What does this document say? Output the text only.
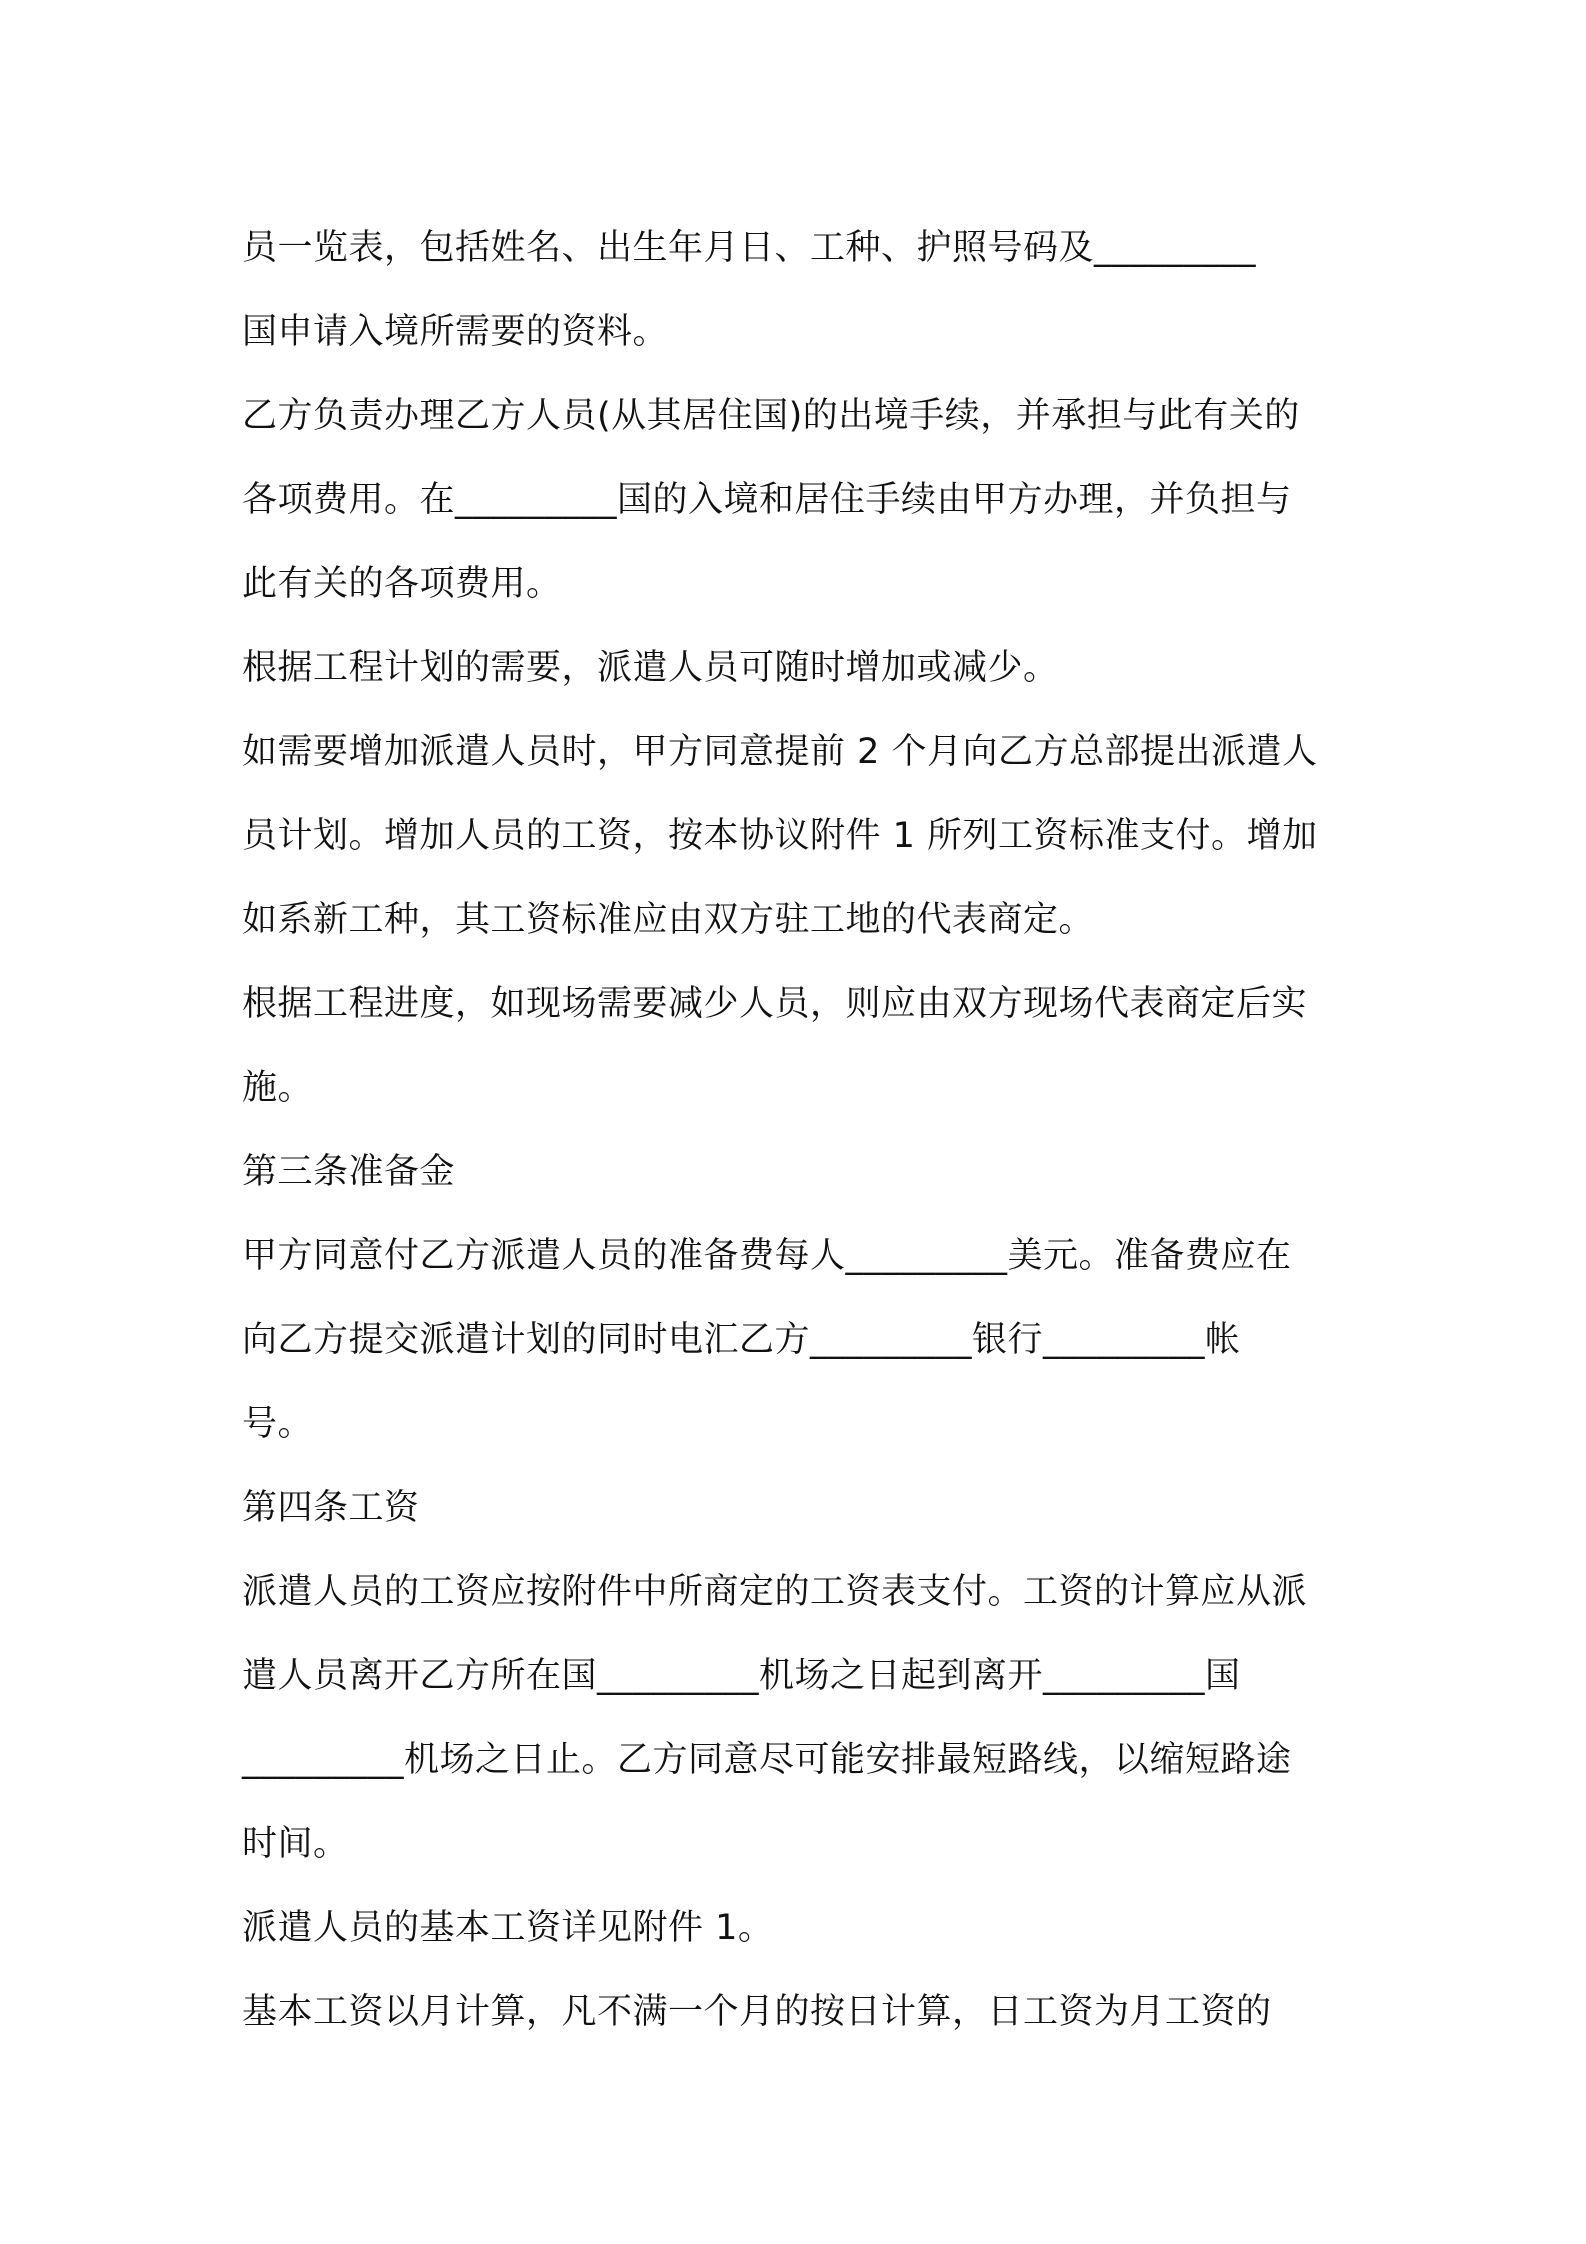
员一览表，包括姓名、出生年月日、工种、护照号码及_________
国申请入境所需要的资料。
乙方负责办理乙方人员(从其居住国)的出境手续，并承担与此有关的
各项费用。在_________国的入境和居住手续由甲方办理，并负担与
此有关的各项费用。
根据工程计划的需要，派遣人员可随时增加或减少。
如需要增加派遣人员时，甲方同意提前 2 个月向乙方总部提出派遣人
员计划。增加人员的工资，按本协议附件 1 所列工资标准支付。增加
如系新工种，其工资标准应由双方驻工地的代表商定。
根据工程进度，如现场需要减少人员，则应由双方现场代表商定后实
施。
第三条准备金
甲方同意付乙方派遣人员的准备费每人_________美元。准备费应在
向乙方提交派遣计划的同时电汇乙方_________银行_________帐
号。
第四条工资
派遣人员的工资应按附件中所商定的工资表支付。工资的计算应从派
遣人员离开乙方所在国_________机场之日起到离开_________国
_________机场之日止。乙方同意尽可能安排最短路线，以缩短路途
时间。
派遣人员的基本工资详见附件 1。
基本工资以月计算，凡不满一个月的按日计算，日工资为月工资的
